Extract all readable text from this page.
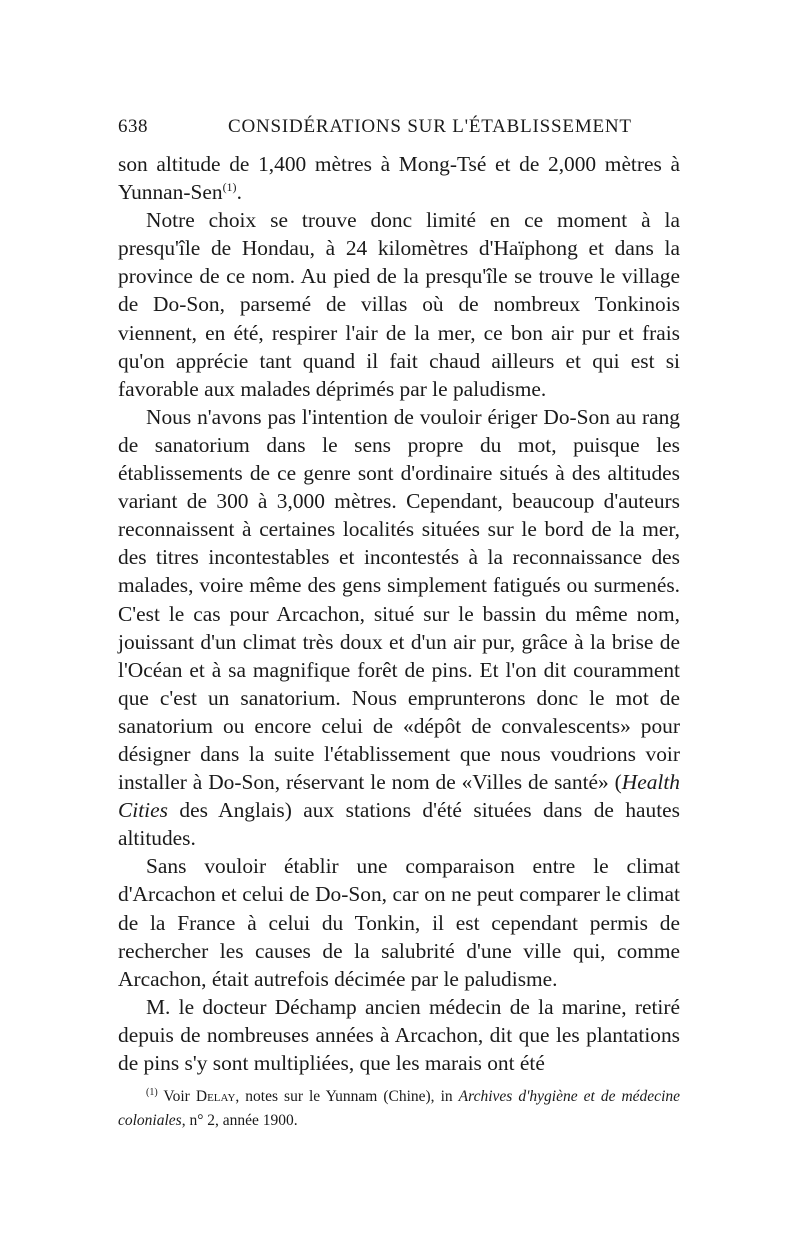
638	CONSIDÉRATIONS SUR L'ÉTABLISSEMENT

son altitude de 1,400 mètres à Mong-Tsé et de 2,000 mètres à Yunnan-Sen$^{(1)}$.

Notre choix se trouve donc limité en ce moment à la presqu'île de Hondau, à 24 kilomètres d'Haïphong et dans la province de ce nom. Au pied de la presqu'île se trouve le village de Do-Son, parsemé de villas où de nombreux Tonkinois viennent, en été, respirer l'air de la mer, ce bon air pur et frais qu'on apprécie tant quand il fait chaud ailleurs et qui est si favorable aux malades déprimés par le paludisme.

Nous n'avons pas l'intention de vouloir ériger Do-Son au rang de sanatorium dans le sens propre du mot, puisque les établissements de ce genre sont d'ordinaire situés à des altitudes variant de 300 à 3,000 mètres. Cependant, beaucoup d'auteurs reconnaissent à certaines localités situées sur le bord de la mer, des titres incontestables et incontestés à la reconnaissance des malades, voire même des gens simplement fatigués ou surmenés. C'est le cas pour Arcachon, situé sur le bassin du même nom, jouissant d'un climat très doux et d'un air pur, grâce à la brise de l'Océan et à sa magnifique forêt de pins. Et l'on dit couramment que c'est un sanatorium. Nous emprunterons donc le mot de sanatorium ou encore celui de «dépôt de convalescents» pour désigner dans la suite l'établissement que nous voudrions voir installer à Do-Son, réservant le nom de «Villes de santé» (Health Cities des Anglais) aux stations d'été situées dans de hautes altitudes.

Sans vouloir établir une comparaison entre le climat d'Arcachon et celui de Do-Son, car on ne peut comparer le climat de la France à celui du Tonkin, il est cependant permis de rechercher les causes de la salubrité d'une ville qui, comme Arcachon, était autrefois décimée par le paludisme.

M. le docteur Déchamp ancien médecin de la marine, retiré depuis de nombreuses années à Arcachon, dit que les plantations de pins s'y sont multipliées, que les marais ont été

$^{(1)}$ Voir Delay, notes sur le Yunnam (Chine), in Archives d'hygiène et de médecine coloniales, n° 2, année 1900.
